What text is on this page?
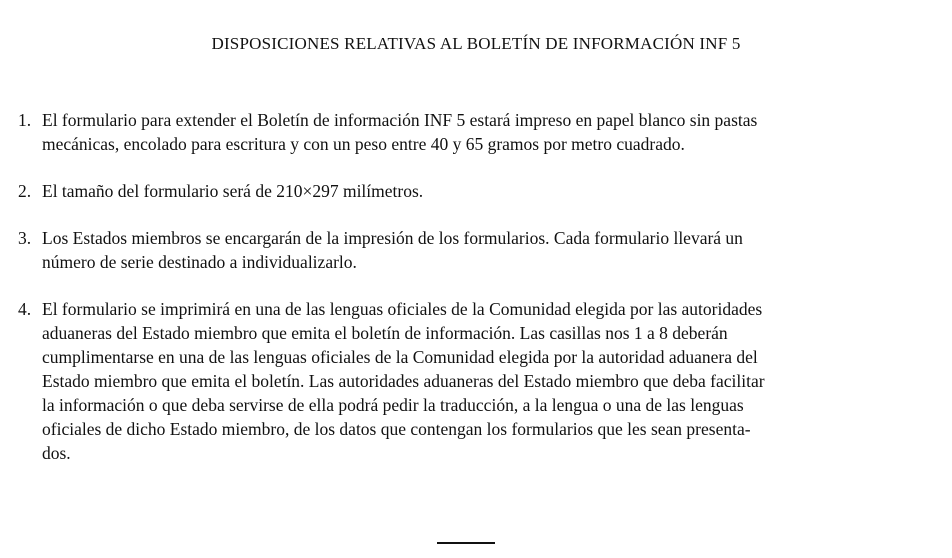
DISPOSICIONES RELATIVAS AL BOLETÍN DE INFORMACIÓN INF 5
1. El formulario para extender el Boletín de información INF 5 estará impreso en papel blanco sin pastas
mecánicas, encolado para escritura y con un peso entre 40 y 65 gramos por metro cuadrado.
2. El tamaño del formulario será de 210×297 milímetros.
3. Los Estados miembros se encargarán de la impresión de los formularios. Cada formulario llevará un
número de serie destinado a individualizarlo.
4. El formulario se imprimirá en una de las lenguas oficiales de la Comunidad elegida por las autoridades
aduaneras del Estado miembro que emita el boletín de información. Las casillas nos 1 a 8 deberán
cumplimentarse en una de las lenguas oficiales de la Comunidad elegida por la autoridad aduanera del
Estado miembro que emita el boletín. Las autoridades aduaneras del Estado miembro que deba facilitar
la información o que deba servirse de ella podrá pedir la traducción, a la lengua o una de las lenguas
oficiales de dicho Estado miembro, de los datos que contengan los formularios que les sean presenta-
dos.
